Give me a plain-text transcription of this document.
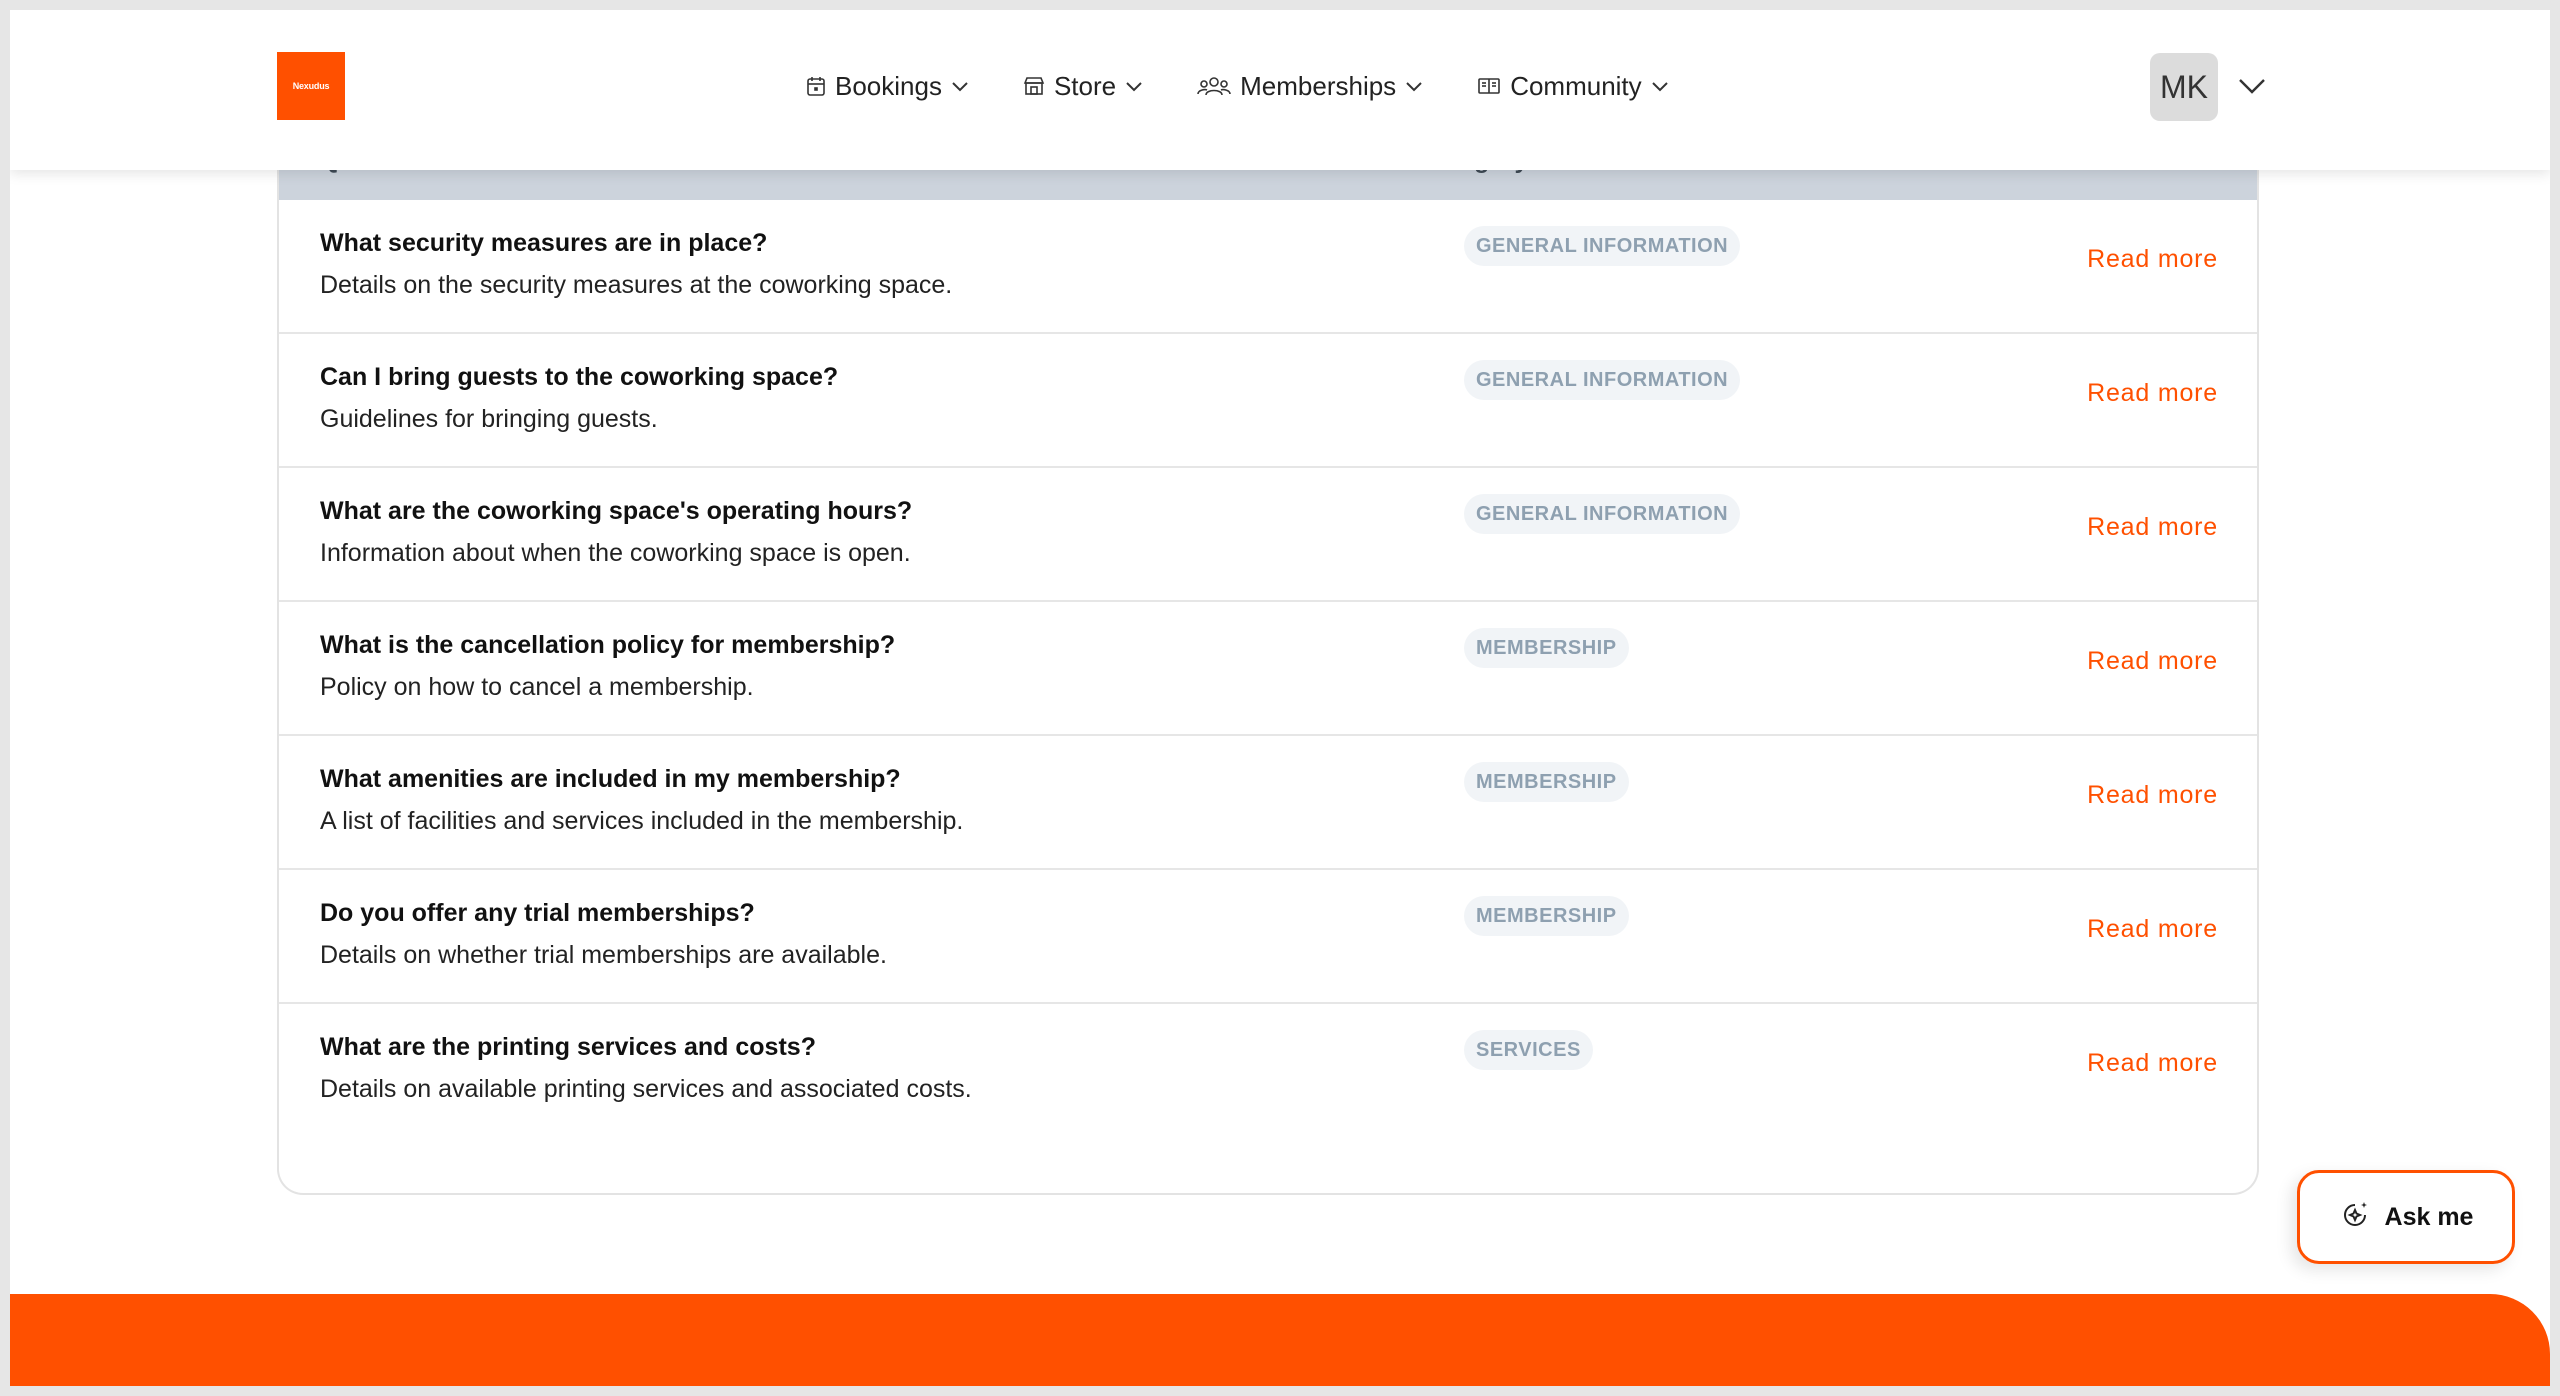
Nexudus	Bookings	Store	Memberships	Community	MK
What security measures are in place?
Details on the security measures at the coworking space.
GENERAL INFORMATION	Read more
Can I bring guests to the coworking space?
Guidelines for bringing guests.
GENERAL INFORMATION	Read more
What are the coworking space's operating hours?
Information about when the coworking space is open.
GENERAL INFORMATION	Read more
What is the cancellation policy for membership?
Policy on how to cancel a membership.
MEMBERSHIP	Read more
What amenities are included in my membership?
A list of facilities and services included in the membership.
MEMBERSHIP	Read more
Do you offer any trial memberships?
Details on whether trial memberships are available.
MEMBERSHIP	Read more
What are the printing services and costs?
Details on available printing services and associated costs.
SERVICES	Read more
Ask me
